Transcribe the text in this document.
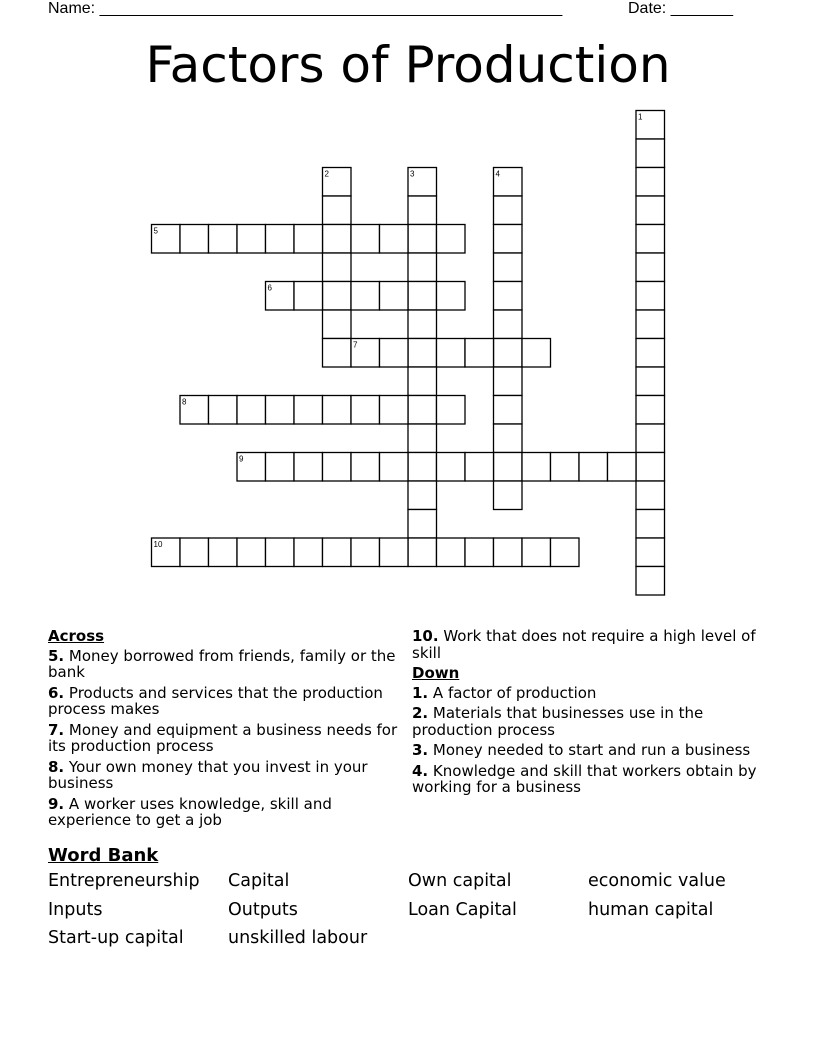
Name: ____________________________________________________	Date: _______
Factors of Production
1
2	3	4
5
6
7
8
9
10
Across
5. Money borrowed from friends, family or the bank
6. Products and services that the production process makes
7. Money and equipment a business needs for its production process
8. Your own money that you invest in your business
9. A worker uses knowledge, skill and experience to get a job
10. Work that does not require a high level of skill
Down
1. A factor of production
2. Materials that businesses use in the production process
3. Money needed to start and run a business
4. Knowledge and skill that workers obtain by working for a business
Word Bank
Entrepreneurship	Capital	Own capital	economic value
Inputs	Outputs	Loan Capital	human capital
Start-up capital	unskilled labour
